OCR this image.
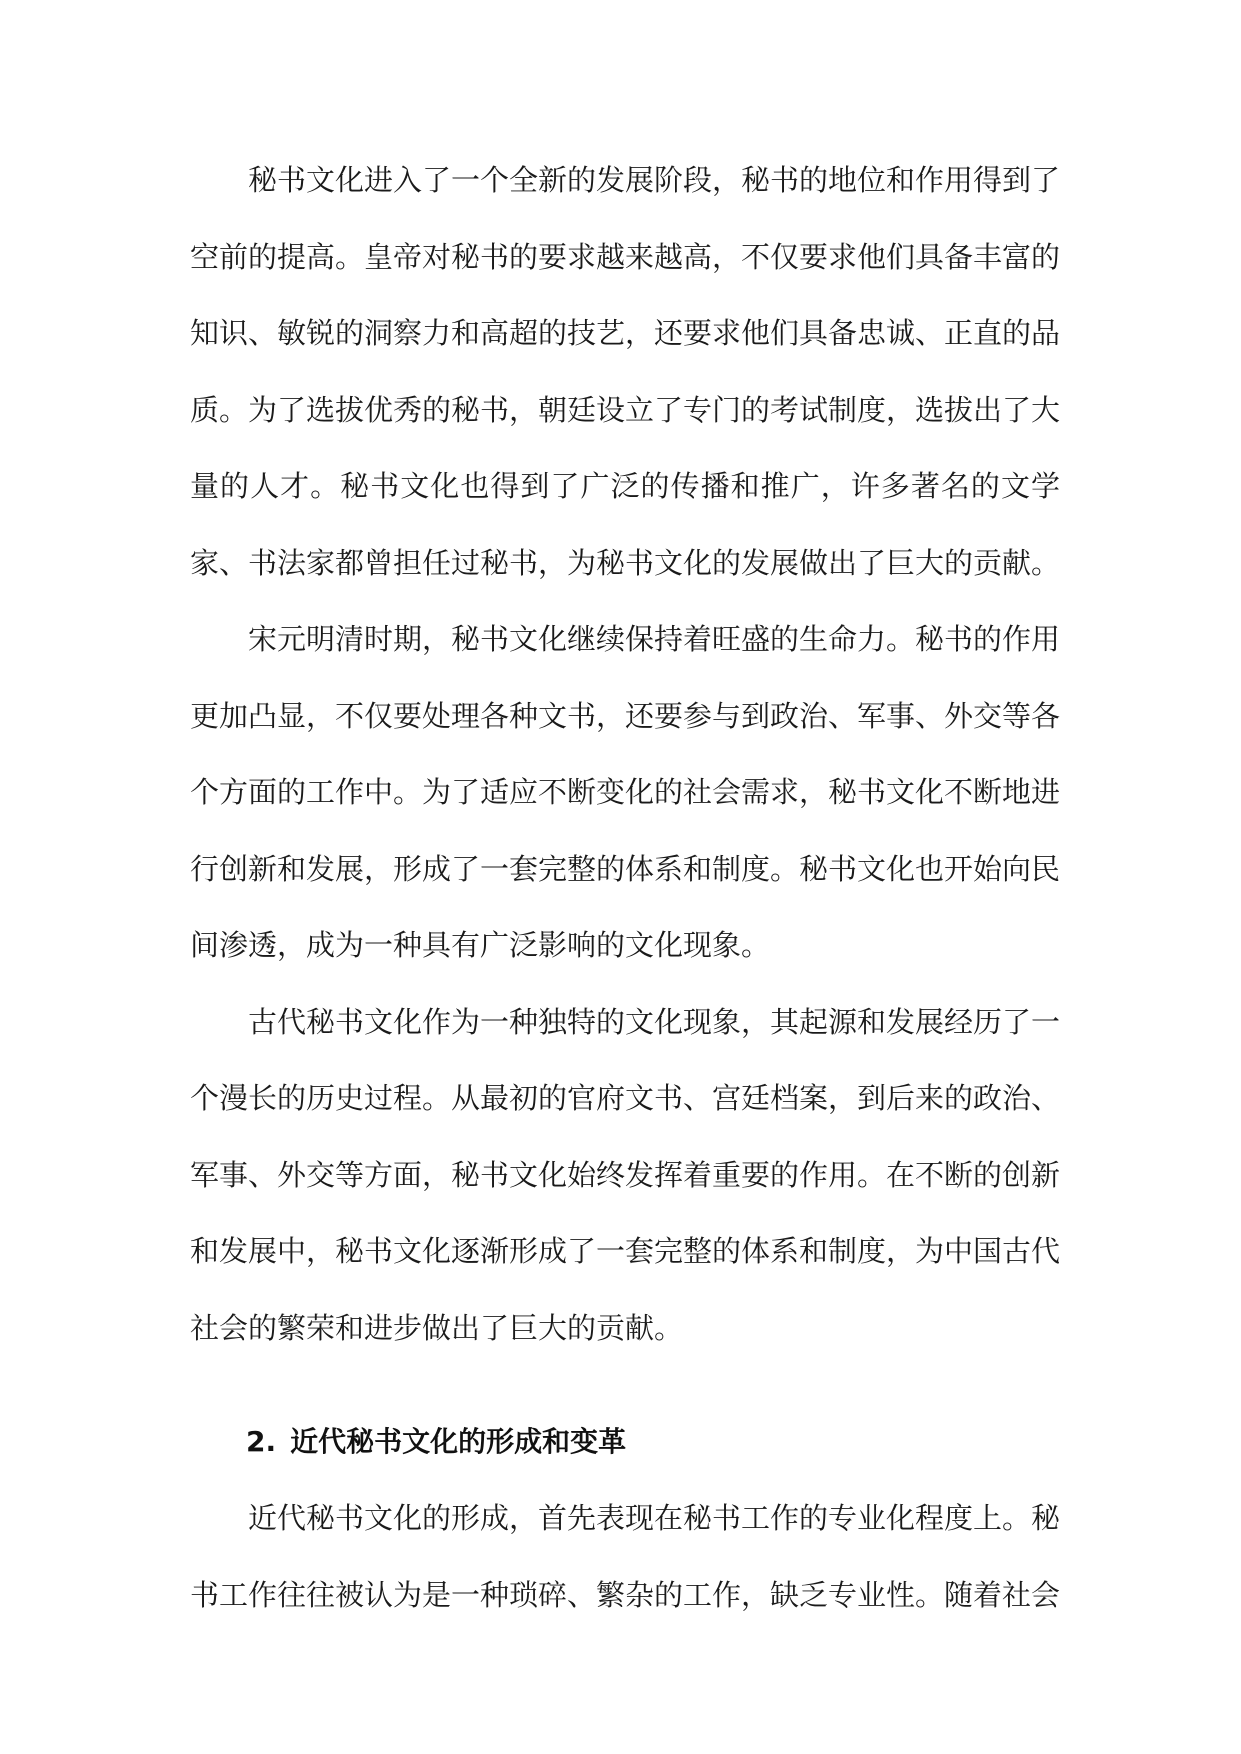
秘书文化进入了一个全新的发展阶段，秘书的地位和作用得到了空前的提高。皇帝对秘书的要求越来越高，不仅要求他们具备丰富的知识、敏锐的洞察力和高超的技艺，还要求他们具备忠诚、正直的品质。为了选拔优秀的秘书，朝廷设立了专门的考试制度，选拔出了大量的人才。秘书文化也得到了广泛的传播和推广，许多著名的文学家、书法家都曾担任过秘书，为秘书文化的发展做出了巨大的贡献。

宋元明清时期，秘书文化继续保持着旺盛的生命力。秘书的作用更加凸显，不仅要处理各种文书，还要参与到政治、军事、外交等各个方面的工作中。为了适应不断变化的社会需求，秘书文化不断地进行创新和发展，形成了一套完整的体系和制度。秘书文化也开始向民间渗透，成为一种具有广泛影响的文化现象。

古代秘书文化作为一种独特的文化现象，其起源和发展经历了一个漫长的历史过程。从最初的官府文书、宫廷档案，到后来的政治、军事、外交等方面，秘书文化始终发挥着重要的作用。在不断的创新和发展中，秘书文化逐渐形成了一套完整的体系和制度，为中国古代社会的繁荣和进步做出了巨大的贡献。

2. 近代秘书文化的形成和变革

近代秘书文化的形成，首先表现在秘书工作的专业化程度上。秘书工作往往被认为是一种琐碎、繁杂的工作，缺乏专业性。随着社会
